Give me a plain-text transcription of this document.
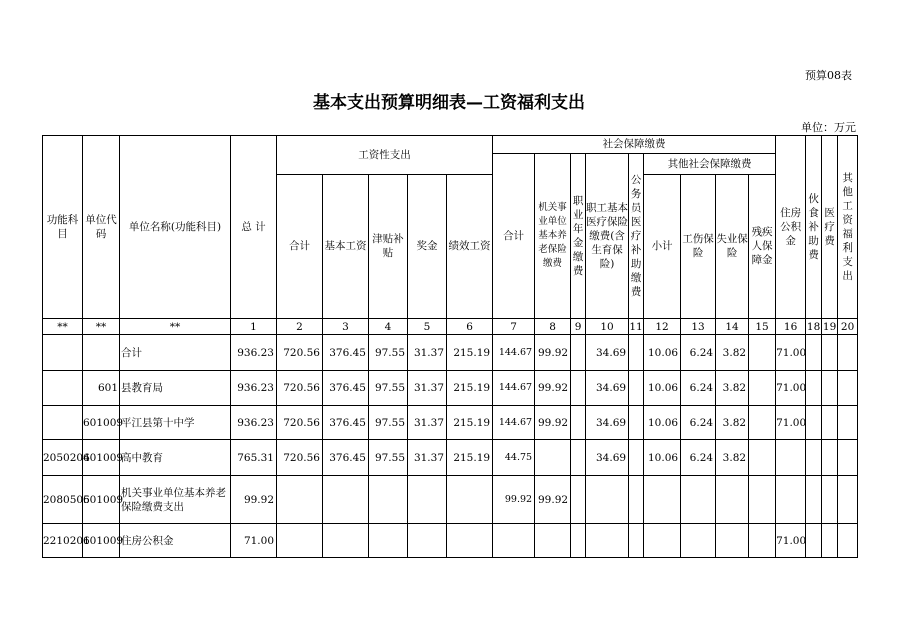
预算08表
基本支出预算明细表—工资福利支出
单位：万元
功能科目	单位代码	单位名称(功能科目)	总 计	工资性支出					社会保障缴费									住房公积金	伙食补助费	医疗费	其他工资福利支出
									合计	机关事业单位基本养老保险缴费	职业年金缴费	职工基本医疗保险缴费(含生育保险)	公务员医疗补助缴费	其他社会保障缴费							
				合计	基本工资	津贴补贴	奖金	绩效工资						小计	工伤保险	失业保险	残疾人保障金				

**	**	**	1	2	3	4	5	6	7	8	9	10	11	12	13	14	15	16	18	19	20
		合计	936.23	720.56	376.45	97.55	31.37	215.19	144.67	99.92		34.69		10.06	6.24	3.82		71.00			
	601	县教育局	936.23	720.56	376.45	97.55	31.37	215.19	144.67	99.92		34.69		10.06	6.24	3.82		71.00			
	601009	平江县第十中学	936.23	720.56	376.45	97.55	31.37	215.19	144.67	99.92		34.69		10.06	6.24	3.82		71.00			
2050204	601009	高中教育	765.31	720.56	376.45	97.55	31.37	215.19	44.75			34.69		10.06	6.24	3.82					
2080505	601009	机关事业单位基本养老保险缴费支出	99.92						99.92	99.92											
2210201	601009	住房公积金	71.00															71.00			
